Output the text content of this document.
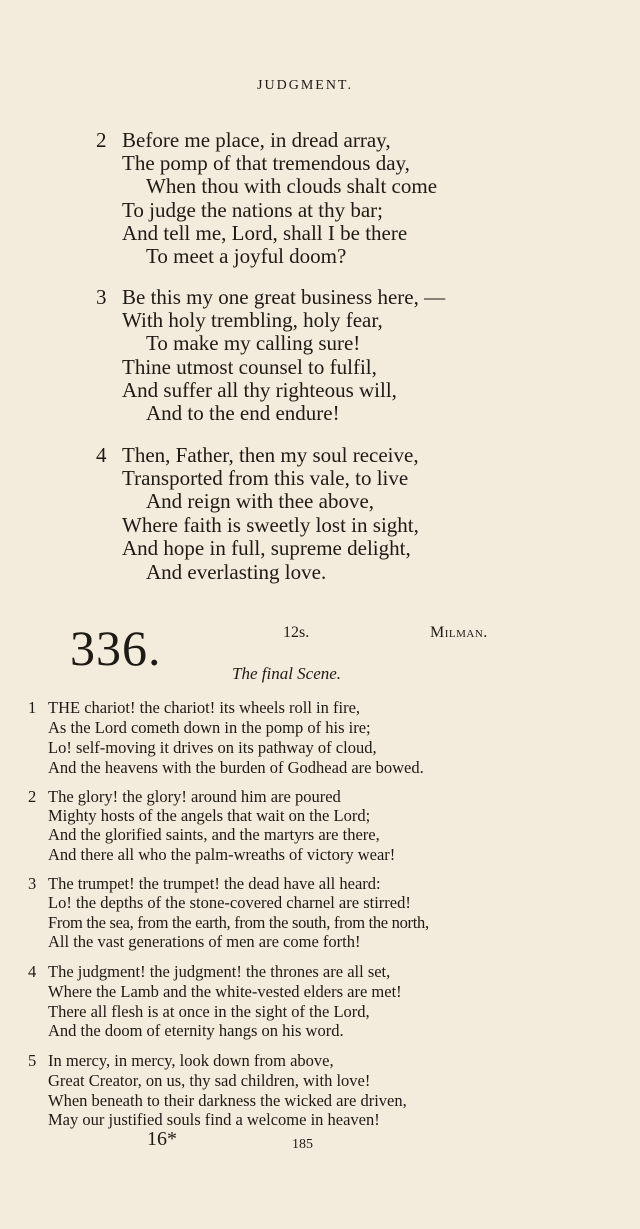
JUDGMENT.
2 Before me place, in dread array,
The pomp of that tremendous day,
When thou with clouds shalt come
To judge the nations at thy bar;
And tell me, Lord, shall I be there
To meet a joyful doom?
3 Be this my one great business here, —
With holy trembling, holy fear,
To make my calling sure!
Thine utmost counsel to fulfil,
And suffer all thy righteous will,
And to the end endure!
4 Then, Father, then my soul receive,
Transported from this vale, to live
And reign with thee above,
Where faith is sweetly lost in sight,
And hope in full, supreme delight,
And everlasting love.
336.	12s.	Milman.
The final Scene.
1 THE chariot! the chariot! its wheels roll in fire,
As the Lord cometh down in the pomp of his ire;
Lo! self-moving it drives on its pathway of cloud,
And the heavens with the burden of Godhead are bowed.
2 The glory! the glory! around him are poured
Mighty hosts of the angels that wait on the Lord;
And the glorified saints, and the martyrs are there,
And there all who the palm-wreaths of victory wear!
3 The trumpet! the trumpet! the dead have all heard:
Lo! the depths of the stone-covered charnel are stirred!
From the sea, from the earth, from the south, from the north,
All the vast generations of men are come forth!
4 The judgment! the judgment! the thrones are all set,
Where the Lamb and the white-vested elders are met!
There all flesh is at once in the sight of the Lord,
And the doom of eternity hangs on his word.
5 In mercy, in mercy, look down from above,
Great Creator, on us, thy sad children, with love!
When beneath to their darkness the wicked are driven,
May our justified souls find a welcome in heaven!
16*	185
